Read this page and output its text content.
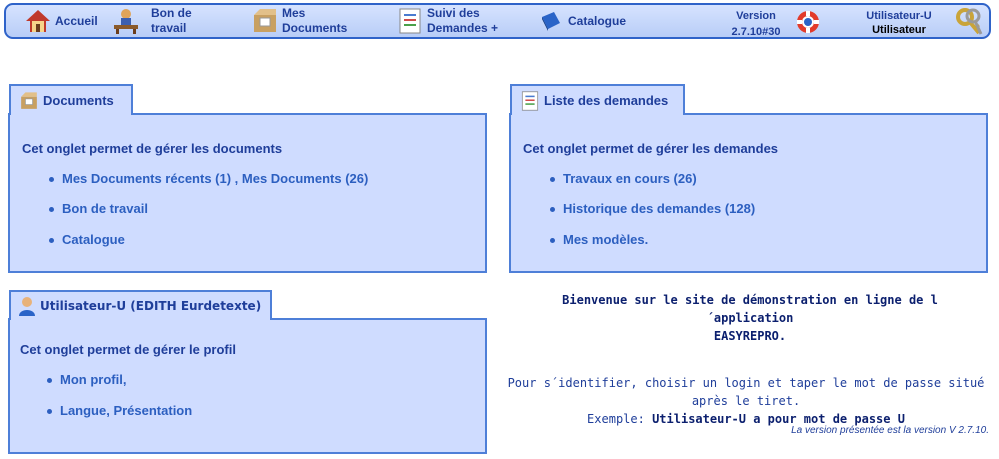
Accueil
Bon de
travail
Mes
Documents
Suivi des
Demandes +
Catalogue	Version
2.7.10#30
Utilisateur-U
Utilisateur
Documents
Cet onglet permet de gérer les documents
Mes Documents récents (1) , Mes Documents (26)
Bon de travail
Catalogue
Liste des demandes
Cet onglet permet de gérer les demandes
Travaux en cours (26)
Historique des demandes (128)
Mes modèles.
Utilisateur-U (EDITH Eurdetexte)
Cet onglet permet de gérer le profil
Mon profil,
Langue, Présentation
Bienvenue sur le site de démonstration en ligne de l´application
EASYREPRO.
Pour s´identifier, choisir un login et taper le mot de passe situé après le tiret.
Exemple: Utilisateur-U a pour mot de passe U
La version présentée est la version V 2.7.10.
